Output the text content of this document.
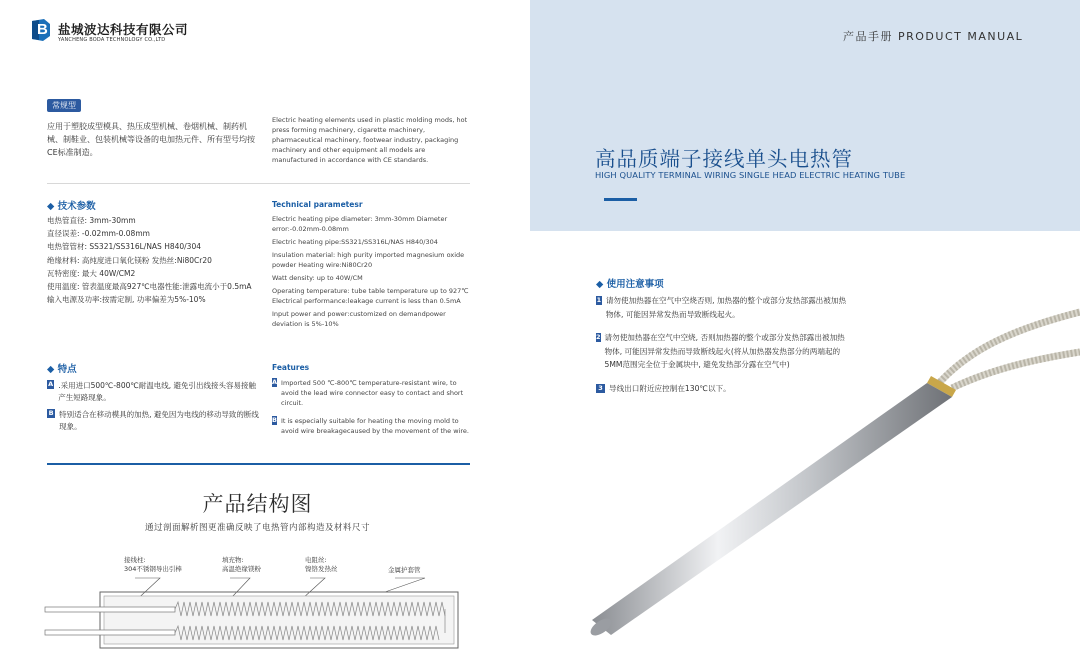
B 盐城波达科技有限公司
YANCHENG BODA TECHNOLOGY CO.,LTD
常规型
应用于塑胶成型模具、热压成型机械、卷烟机械、制药机械、制鞋业、包装机械等设备的电加热元件、所有型号均按CE标准制造。
Electric heating elements used in plastic molding mods, hot press forming machinery, cigarette machinery, pharmaceutical machinery, footwear industry, packaging machinery and other equipment all models are manufactured in accordance with CE standards.
◆ 技术参数	Technical parametesr
电热管直径: 3mm-30mm
直径误差: -0.02mm-0.08mm
电热管管材: SS321/SS316L/NAS H840/304
绝缘材料: 高纯度进口氧化镁粉 发热丝:Ni80Cr20
瓦特密度: 最大 40W/CM2
使用温度: 管表温度最高927℃电器性能:泄露电流小于0.5mA
输入电源及功率:按需定制, 功率偏差为5%-10%
Electric heating pipe diameter: 3mm-30mm Diameter error:-0.02mm-0.08mm
Electric heating pipe:SS321/SS316L/NAS H840/304
Insulation material: high purity imported magnesium oxide powder Heating wire:Ni80Cr20
Watt density: up to 40W/CM
Operating temperature: tube table temperature up to 927℃ Electrical performance:leakage current is less than 0.5mA
Input power and power:customized on demandpower deviation is 5%-10%
◆ 特点	Features
A .采用进口500℃-800℃耐温电线, 避免引出线接头容易接触产生短路现象。
B 特别适合在移动模具的加热, 避免因为电线的移动导致的断线现象。
A Imported 500 ℃-800℃ temperature-resistant wire, to avoid the lead wire connector easy to contact and short circuit.
B It is especially suitable for heating the moving mold to avoid wire breakagecaused by the movement of the wire.
产品结构图
通过剖面解析图更准确反映了电热管内部构造及材料尺寸
接线柱:
304不锈钢导出引棒
填充物:
高温绝缘镁粉
电阻丝:
镍铬发热丝	金属护套管
产品手册 PRODUCT MANUAL
高品质端子接线单头电热管
HIGH QUALITY TERMINAL WIRING SINGLE HEAD ELECTRIC HEATING TUBE
◆ 使用注意事项
1 请勿使加热器在空气中空烧否则, 加热器的整个或部分发热部露出被加热物体, 可能因异常发热而导致断线起火。
2 请勿使加热器在空气中空烧, 否则加热器的整个或部分发热部露出被加热物体, 可能因异常发热而导致断线起火(将从加热器发热部分的两端起的5MM范围完全位于金属块中, 避免发热部分露在空气中)
3 导线出口附近应控制在130℃以下。
